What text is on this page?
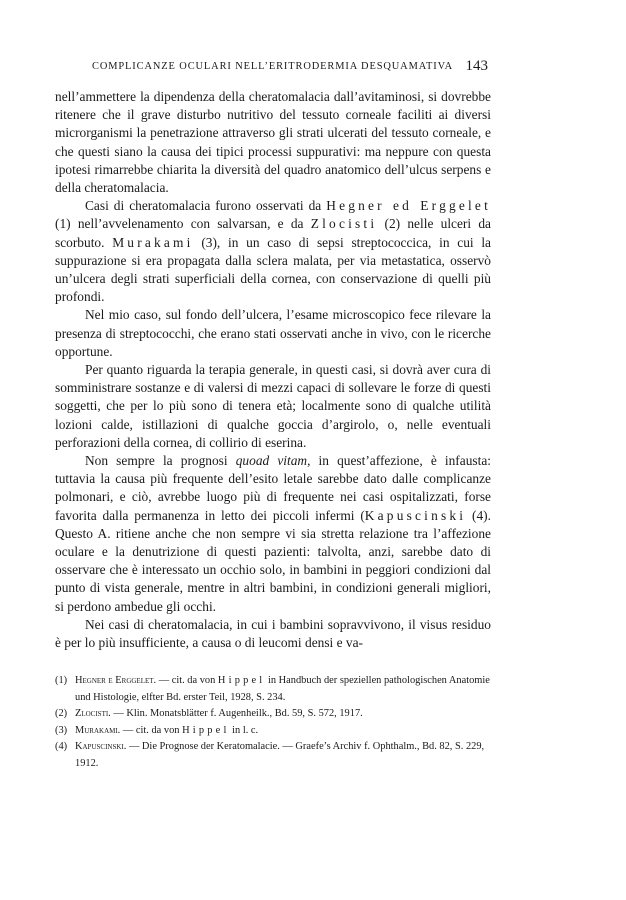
COMPLICANZE OCULARI NELL’ERITRODERMIA DESQUAMATIVA 143

nell’ammettere la dipendenza della cheratomalacia dall’avitaminosi, si dovrebbe ritenere che il grave disturbo nutritivo del tessuto corneale faciliti ai diversi microrganismi la penetrazione attraverso gli strati ulcerati del tessuto corneale, e che questi siano la causa dei tipici processi suppurativi: ma neppure con questa ipotesi rimarrebbe chiarita la diversità del quadro anatomico dell’ulcus serpens e della cheratomalacia.

Casi di cheratomalacia furono osservati da Hegner ed Erggelet (1) nell’avvelenamento con salvarsan, e da Zlocisti (2) nelle ulceri da scorbuto. Murakami (3), in un caso di sepsi streptococcica, in cui la suppurazione si era propagata dalla sclera malata, per via metastatica, osservò un’ulcera degli strati superficiali della cornea, con conservazione di quelli più profondi.

Nel mio caso, sul fondo dell’ulcera, l’esame microscopico fece rilevare la presenza di streptococchi, che erano stati osservati anche in vivo, con le ricerche opportune.

Per quanto riguarda la terapia generale, in questi casi, si dovrà aver cura di somministrare sostanze e di valersi di mezzi capaci di sollevare le forze di questi soggetti, che per lo più sono di tenera età; localmente sono di qualche utilità lozioni calde, istillazioni di qualche goccia d’argirolo, o, nelle eventuali perforazioni della cornea, di collirio di eserina.

Non sempre la prognosi quoad vitam, in quest’affezione, è infausta: tuttavia la causa più frequente dell’esito letale sarebbe dato dalle complicanze polmonari, e ciò, avrebbe luogo più di frequente nei casi ospitalizzati, forse favorita dalla permanenza in letto dei piccoli infermi (Kapuscinski (4). Questo A. ritiene anche che non sempre vi sia stretta relazione tra l’affezione oculare e la denutrizione di questi pazienti: talvolta, anzi, sarebbe dato di osservare che è interessato un occhio solo, in bambini in peggiori condizioni dal punto di vista generale, mentre in altri bambini, in condizioni generali migliori, si perdono ambedue gli occhi.

Nei casi di cheratomalacia, in cui i bambini sopravvivono, il visus residuo è per lo più insufficiente, a causa o di leucomi densi e va-

(1) Hegner e Erggelet. — cit. da von Hippel in Handbuch der speziellen pathologischen Anatomie und Histologie, elfter Bd. erster Teil, 1928, S. 234.
(2) Zlocisti. — Klin. Monatsblätter f. Augenheilk., Bd. 59, S. 572, 1917.
(3) Murakami. — cit. da von Hippel in l. c.
(4) Kapuscinski. — Die Prognose der Keratomalacie. — Graefe’s Archiv f. Ophthalm., Bd. 82, S. 229, 1912.
